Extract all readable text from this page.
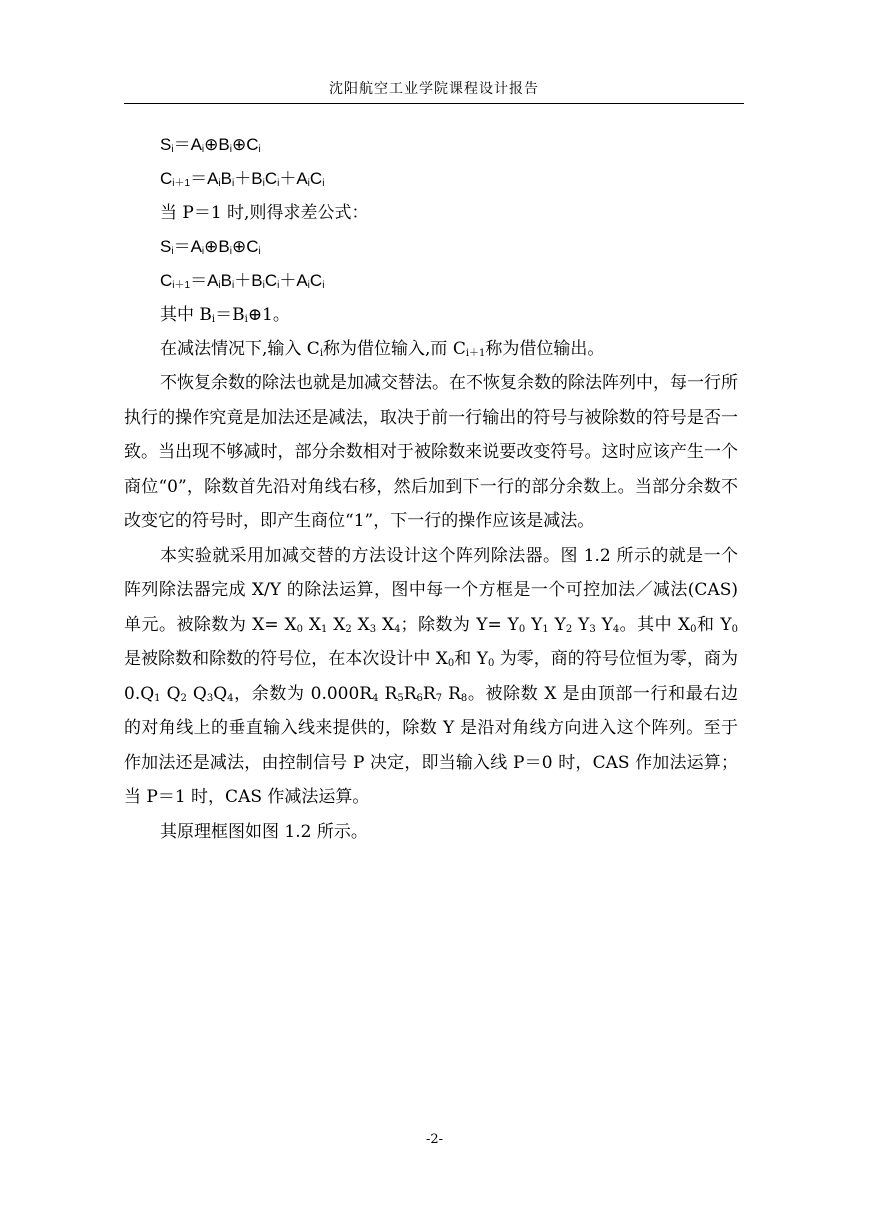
沈阳航空工业学院课程设计报告
$S_i=A_i\oplus B_i\oplus C_i$
$C_{i+1}=A_iB_i+B_iC_i+A_iC_i$
当 P＝1 时,则得求差公式：
$S_i=A_i\oplus B_i\oplus C_i$
$C_{i+1}=A_iB_i+B_iC_i+A_iC_i$
其中 $B_i=B_i\oplus 1$。
在减法情况下,输入 $C_i$称为借位输入,而 $C_{i+1}$称为借位输出。

不恢复余数的除法也就是加减交替法。在不恢复余数的除法阵列中，每一行所执行的操作究竟是加法还是减法，取决于前一行输出的符号与被除数的符号是否一致。当出现不够减时，部分余数相对于被除数来说要改变符号。这时应该产生一个商位“0”，除数首先沿对角线右移，然后加到下一行的部分余数上。当部分余数不改变它的符号时，即产生商位“1”，下一行的操作应该是减法。

本实验就采用加减交替的方法设计这个阵列除法器。图 1.2 所示的就是一个阵列除法器完成 X/Y 的除法运算，图中每一个方框是一个可控加法／减法(CAS)单元。被除数为 $X= X_0$ $X_1$ $X_2$ $X_3$ $X_4$；除数为 $Y= Y_0$ $Y_1$ $Y_2$ $Y_3$ $Y_4$。其中 $X_0$和 $Y_0$是被除数和除数的符号位，在本次设计中 $X_0$和 $Y_0$ 为零，商的符号位恒为零，商为 $0.Q_1$ $Q_2$ $Q_3Q_4$，余数为 $0.000R_4$ $R_5R_6R_7$ $R_8$。被除数 X 是由顶部一行和最右边的对角线上的垂直输入线来提供的，除数 Y 是沿对角线方向进入这个阵列。至于作加法还是减法，由控制信号 P 决定，即当输入线 P＝0 时，CAS 作加法运算；当 P＝1 时，CAS 作减法运算。

其原理框图如图 1.2 所示。

-2-
